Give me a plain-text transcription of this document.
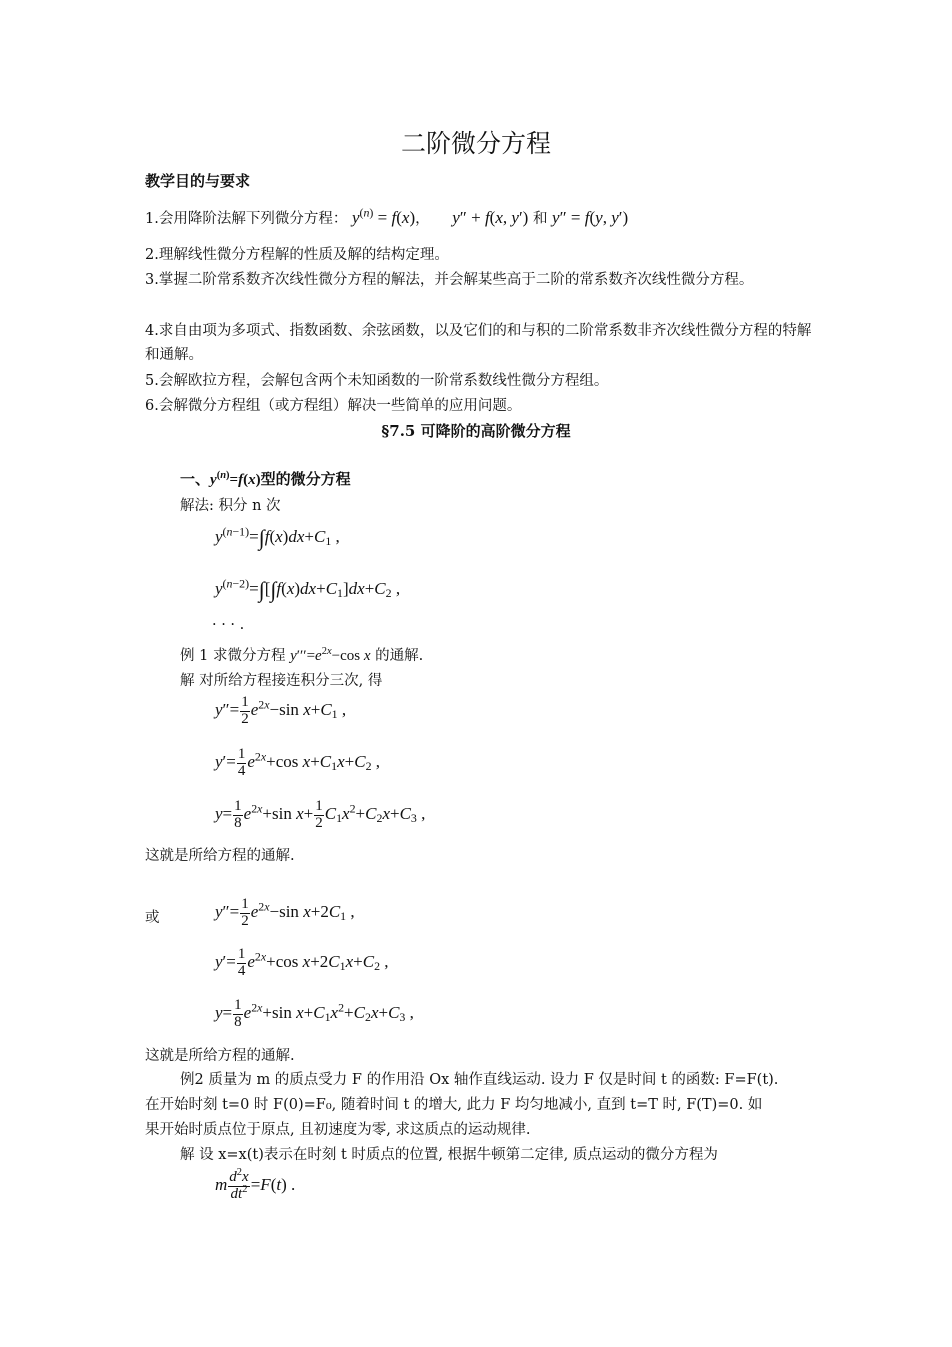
二阶微分方程
教学目的与要求
1.会用降阶法解下列微分方程： $y^{(n)} = f(x)$， y″ + f(x, y′) 和 y″ = f(y, y′)
2.理解线性微分方程解的性质及解的结构定理。
3.掌握二阶常系数齐次线性微分方程的解法，并会解某些高于二阶的常系数齐次线性微分方程。
4.求自由项为多项式、指数函数、余弦函数，以及它们的和与积的二阶常系数非齐次线性微分方程的特解和通解。
5.会解欧拉方程，会解包含两个未知函数的一阶常系数线性微分方程组。
6.会解微分方程组（或方程组）解决一些简单的应用问题。
§7.5 可降阶的高阶微分方程
一、$y^{(n)}=f(x)$型的微分方程
解法: 积分 n 次
$y^{(n-1)}=\int f(x)dx+C_1$ ,
$y^{(n-2)}=\int[\int f(x)dx+C_1]dx+C_2$ ,
· · · .
例 1 求微分方程 $y'''=e^{2x}-\cos$ x 的通解.
解 对所给方程接连积分三次, 得
$y''= \frac{1}{2} e^{2x}-\sin$ $x+C_1$ ,
$y'= \frac{1}{4} e^{2x}+\cos$ $x+C_1x+C_2$ ,
$y= \frac{1}{8} e^{2x}+\sin$ $x+ \frac{1}{2} C_1x^2+C_2x+C_3$ ,
这就是所给方程的通解.
或	$y''= \frac{1}{2} e^{2x}-\sin$ $x+2C_1$ ,
$y'= \frac{1}{4} e^{2x}+\cos$ $x+2C_1x+C_2$ ,
$y= \frac{1}{8} e^{2x}+\sin$ $x+C_1x^2+C_2x+C_3$ ,
这就是所给方程的通解.
例2 质量为 m 的质点受力 F 的作用沿 Ox 轴作直线运动. 设力 F 仅是时间 t 的函数: F=F(t).
在开始时刻 t=0 时 F(0)=F₀, 随着时间 t 的增大, 此力 F 均匀地减小, 直到 t=T 时, F(T)=0. 如
果开始时质点位于原点, 且初速度为零, 求这质点的运动规律.
解 设 x=x(t)表示在时刻 t 时质点的位置, 根据牛顿第二定律, 质点运动的微分方程为
m $\frac{d^2x}{dt^2} =F(t)$ .
